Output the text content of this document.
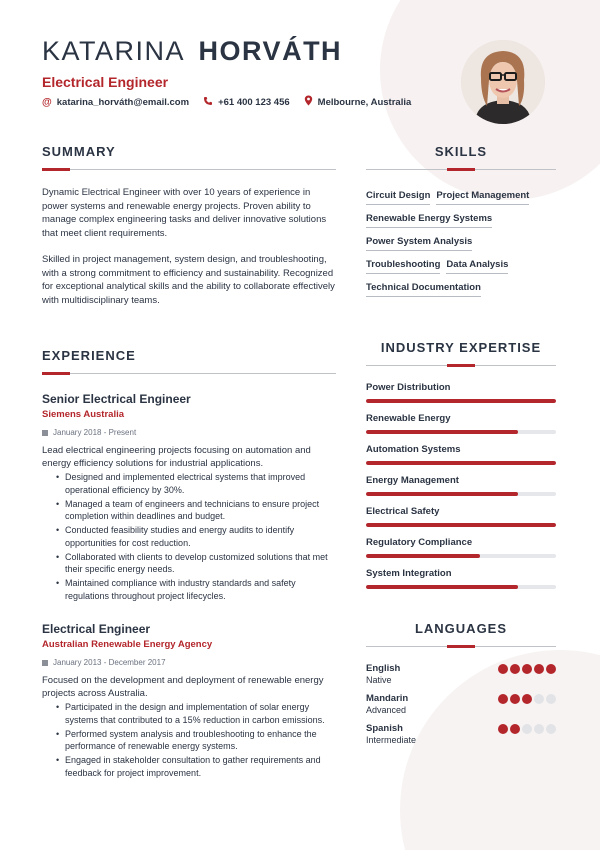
KATARINA HORVÁTH
Electrical Engineer
@ katarina_horváth@email.com	+61 400 123 456	Melbourne, Australia
SUMMARY

Dynamic Electrical Engineer with over 10 years of experience in power systems and renewable energy projects. Proven ability to manage complex engineering tasks and deliver innovative solutions that meet client requirements.

Skilled in project management, system design, and troubleshooting, with a strong commitment to efficiency and sustainability. Recognized for exceptional analytical skills and the ability to collaborate effectively with multidisciplinary teams.

SKILLS
Circuit Design Project Management
Renewable Energy Systems
Power System Analysis
Troubleshooting Data Analysis
Technical Documentation
EXPERIENCE
Senior Electrical Engineer
Siemens Australia
January 2018 - Present
Lead electrical engineering projects focusing on automation and energy efficiency solutions for industrial applications.
• Designed and implemented electrical systems that improved operational efficiency by 30%.
• Managed a team of engineers and technicians to ensure project completion within deadlines and budget.
• Conducted feasibility studies and energy audits to identify opportunities for cost reduction.
• Collaborated with clients to develop customized solutions that met their specific energy needs.
• Maintained compliance with industry standards and safety regulations throughout project lifecycles.
Electrical Engineer
Australian Renewable Energy Agency
January 2013 - December 2017
Focused on the development and deployment of renewable energy projects across Australia.
• Participated in the design and implementation of solar energy systems that contributed to a 15% reduction in carbon emissions.
• Performed system analysis and troubleshooting to enhance the performance of renewable energy systems.
• Engaged in stakeholder consultation to gather requirements and feedback for project improvement.
INDUSTRY EXPERTISE
Power Distribution
Renewable Energy
Automation Systems
Energy Management
Electrical Safety
Regulatory Compliance
System Integration
LANGUAGES
English
Native
Mandarin
Advanced
Spanish
Intermediate
